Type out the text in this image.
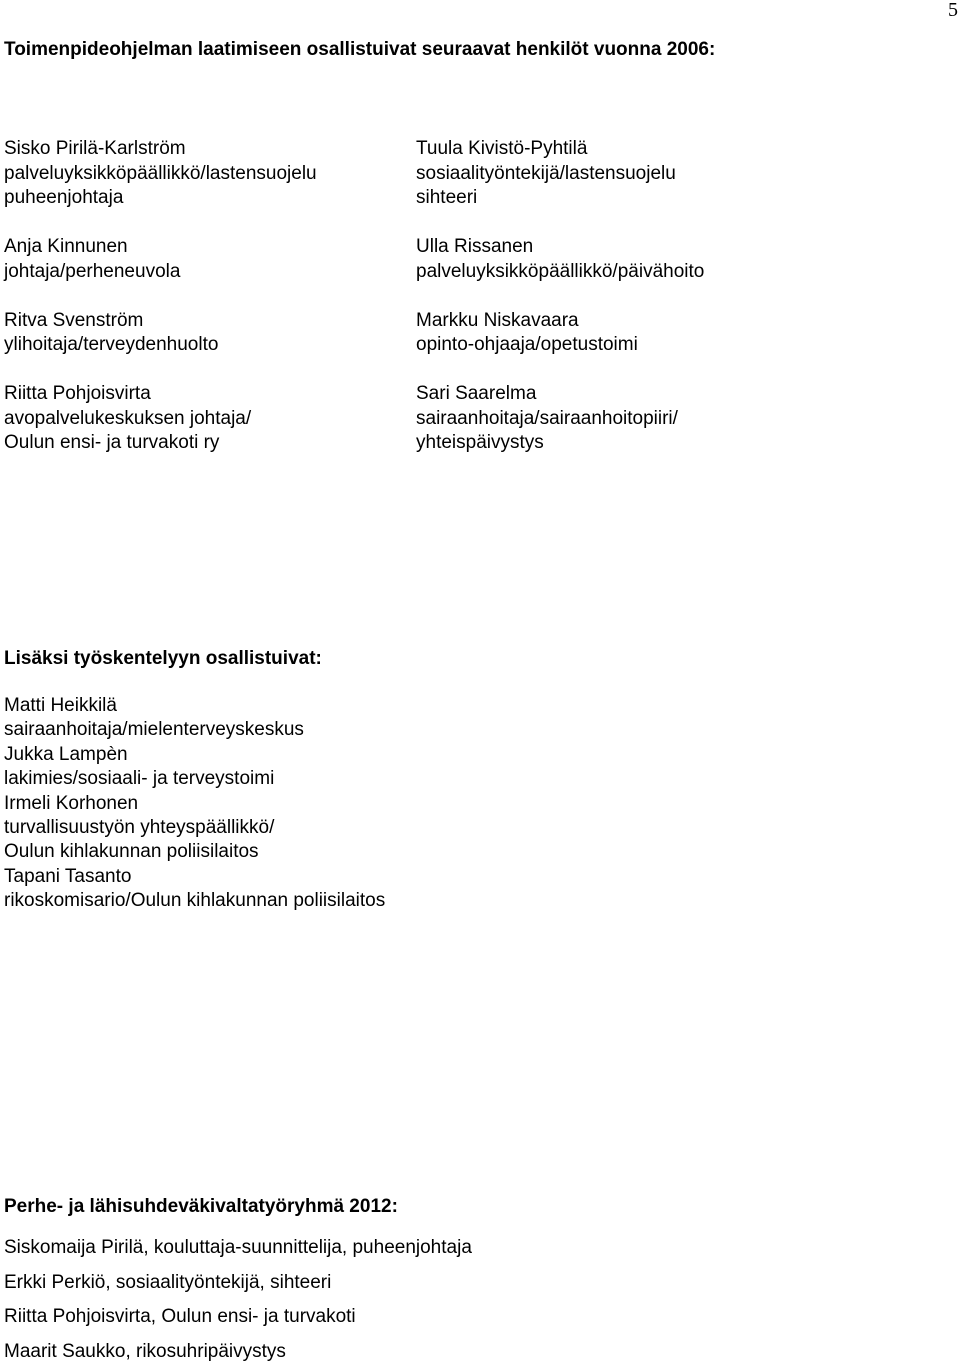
5
Toimenpideohjelman laatimiseen osallistuivat seuraavat henkilöt vuonna 2006:
Sisko Pirilä-Karlström
palveluyksikköpäällikkö/lastensuojelu
puheenjohtaja
Anja Kinnunen
johtaja/perheneuvola
Ritva Svenström
ylihoitaja/terveydenhuolto
Riitta Pohjoisvirta
avopalvelukeskuksen johtaja/
Oulun ensi- ja turvakoti ry
Tuula Kivistö-Pyhtilä
sosiaalityöntekijä/lastensuojelu
sihteeri
Ulla Rissanen
palveluyksikköpäällikkö/päivähoito
Markku Niskavaara
opinto-ohjaaja/opetustoimi
Sari Saarelma
sairaanhoitaja/sairaanhoitopiiri/
yhteispäivystys
Lisäksi työskentelyyn osallistuivat:
Matti Heikkilä
sairaanhoitaja/mielenterveyskeskus
Jukka Lampèn
lakimies/sosiaali- ja terveystoimi
Irmeli Korhonen
turvallisuustyön yhteyspäällikkö/
Oulun kihlakunnan poliisilaitos
Tapani Tasanto
rikoskomisario/Oulun kihlakunnan poliisilaitos
Perhe- ja lähisuhdeväkivaltatyöryhmä 2012:
Siskomaija Pirilä, kouluttaja-suunnittelija, puheenjohtaja
Erkki Perkiö, sosiaalityöntekijä, sihteeri
Riitta Pohjoisvirta, Oulun ensi- ja turvakoti
Maarit Saukko, rikosuhripäivystys
